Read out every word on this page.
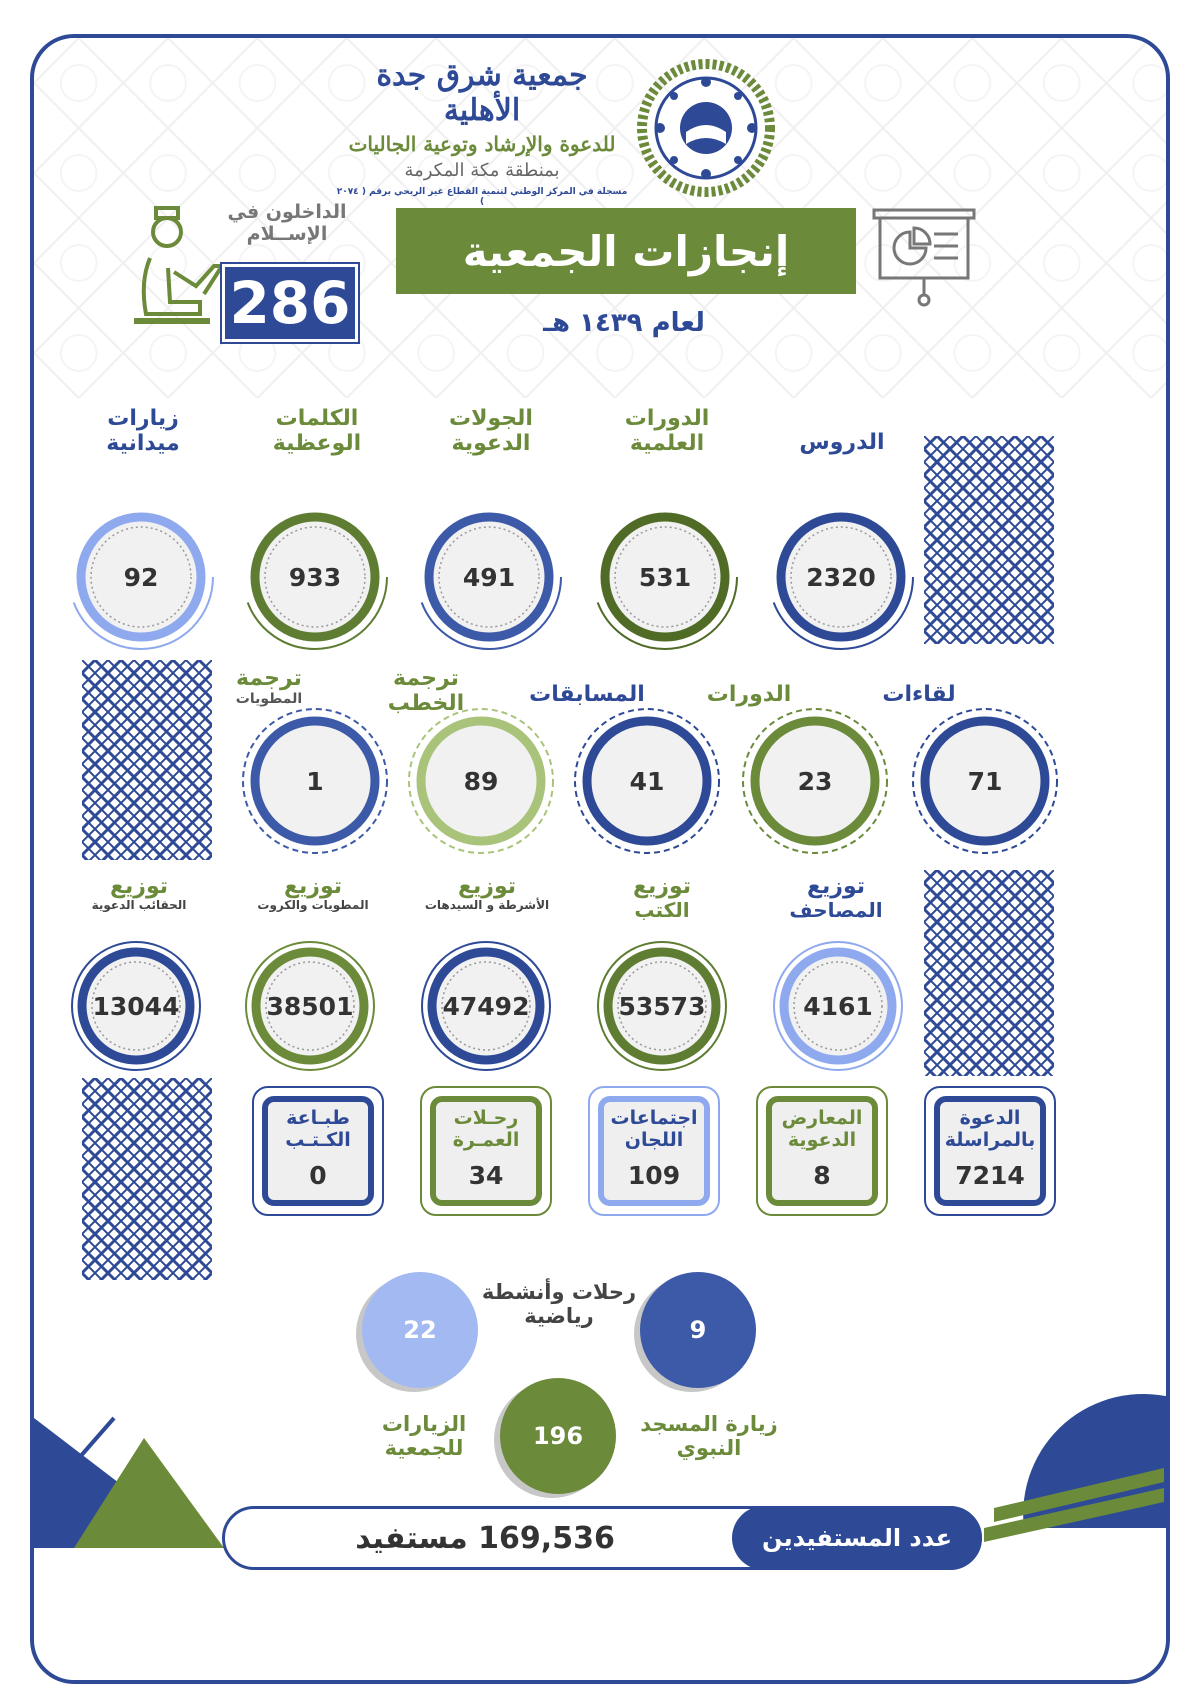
جمعية شرق جدة الأهلية
للدعوة والإرشاد وتوعية الجاليات
بمنطقة مكة المكرمة
مسجلة في المركز الوطني لتنمية القطاع غير الربحي برقم ( ٢٠٧٤ )
الداخلون في
الإســلام
286
إنجازات الجمعية
لعام ١٤٣٩ هـ
الدروس
الدورات العلمية
الجولات الدعوية
الكلمات الوعظية
زيارات ميدانية
2320
531
491
933
92
لقاءات
الدورات
المسابقات
ترجمة
الخطب
ترجمة
المطويات
71
23
41
89
1
توزيع
المصاحف
توزيع
الكتب
توزيع
الأشرطة و السيدهات
توزيع
المطويات والكروت
توزيع
الحقائب الدعوية
4161
53573
47492
38501
13044
الدعوة
بالمراسلة
7214
المعارض
الدعوية
8
اجتماعات
اللجان
109
رحـلات
العمـرة
34
طبـاعة
الكـتـب
0
9
22
رحلات وأنشطة
رياضية
196
الزيارات
للجمعية
زيارة المسجد
النبوي
عدد المستفيدين
169,536 مستفيد
